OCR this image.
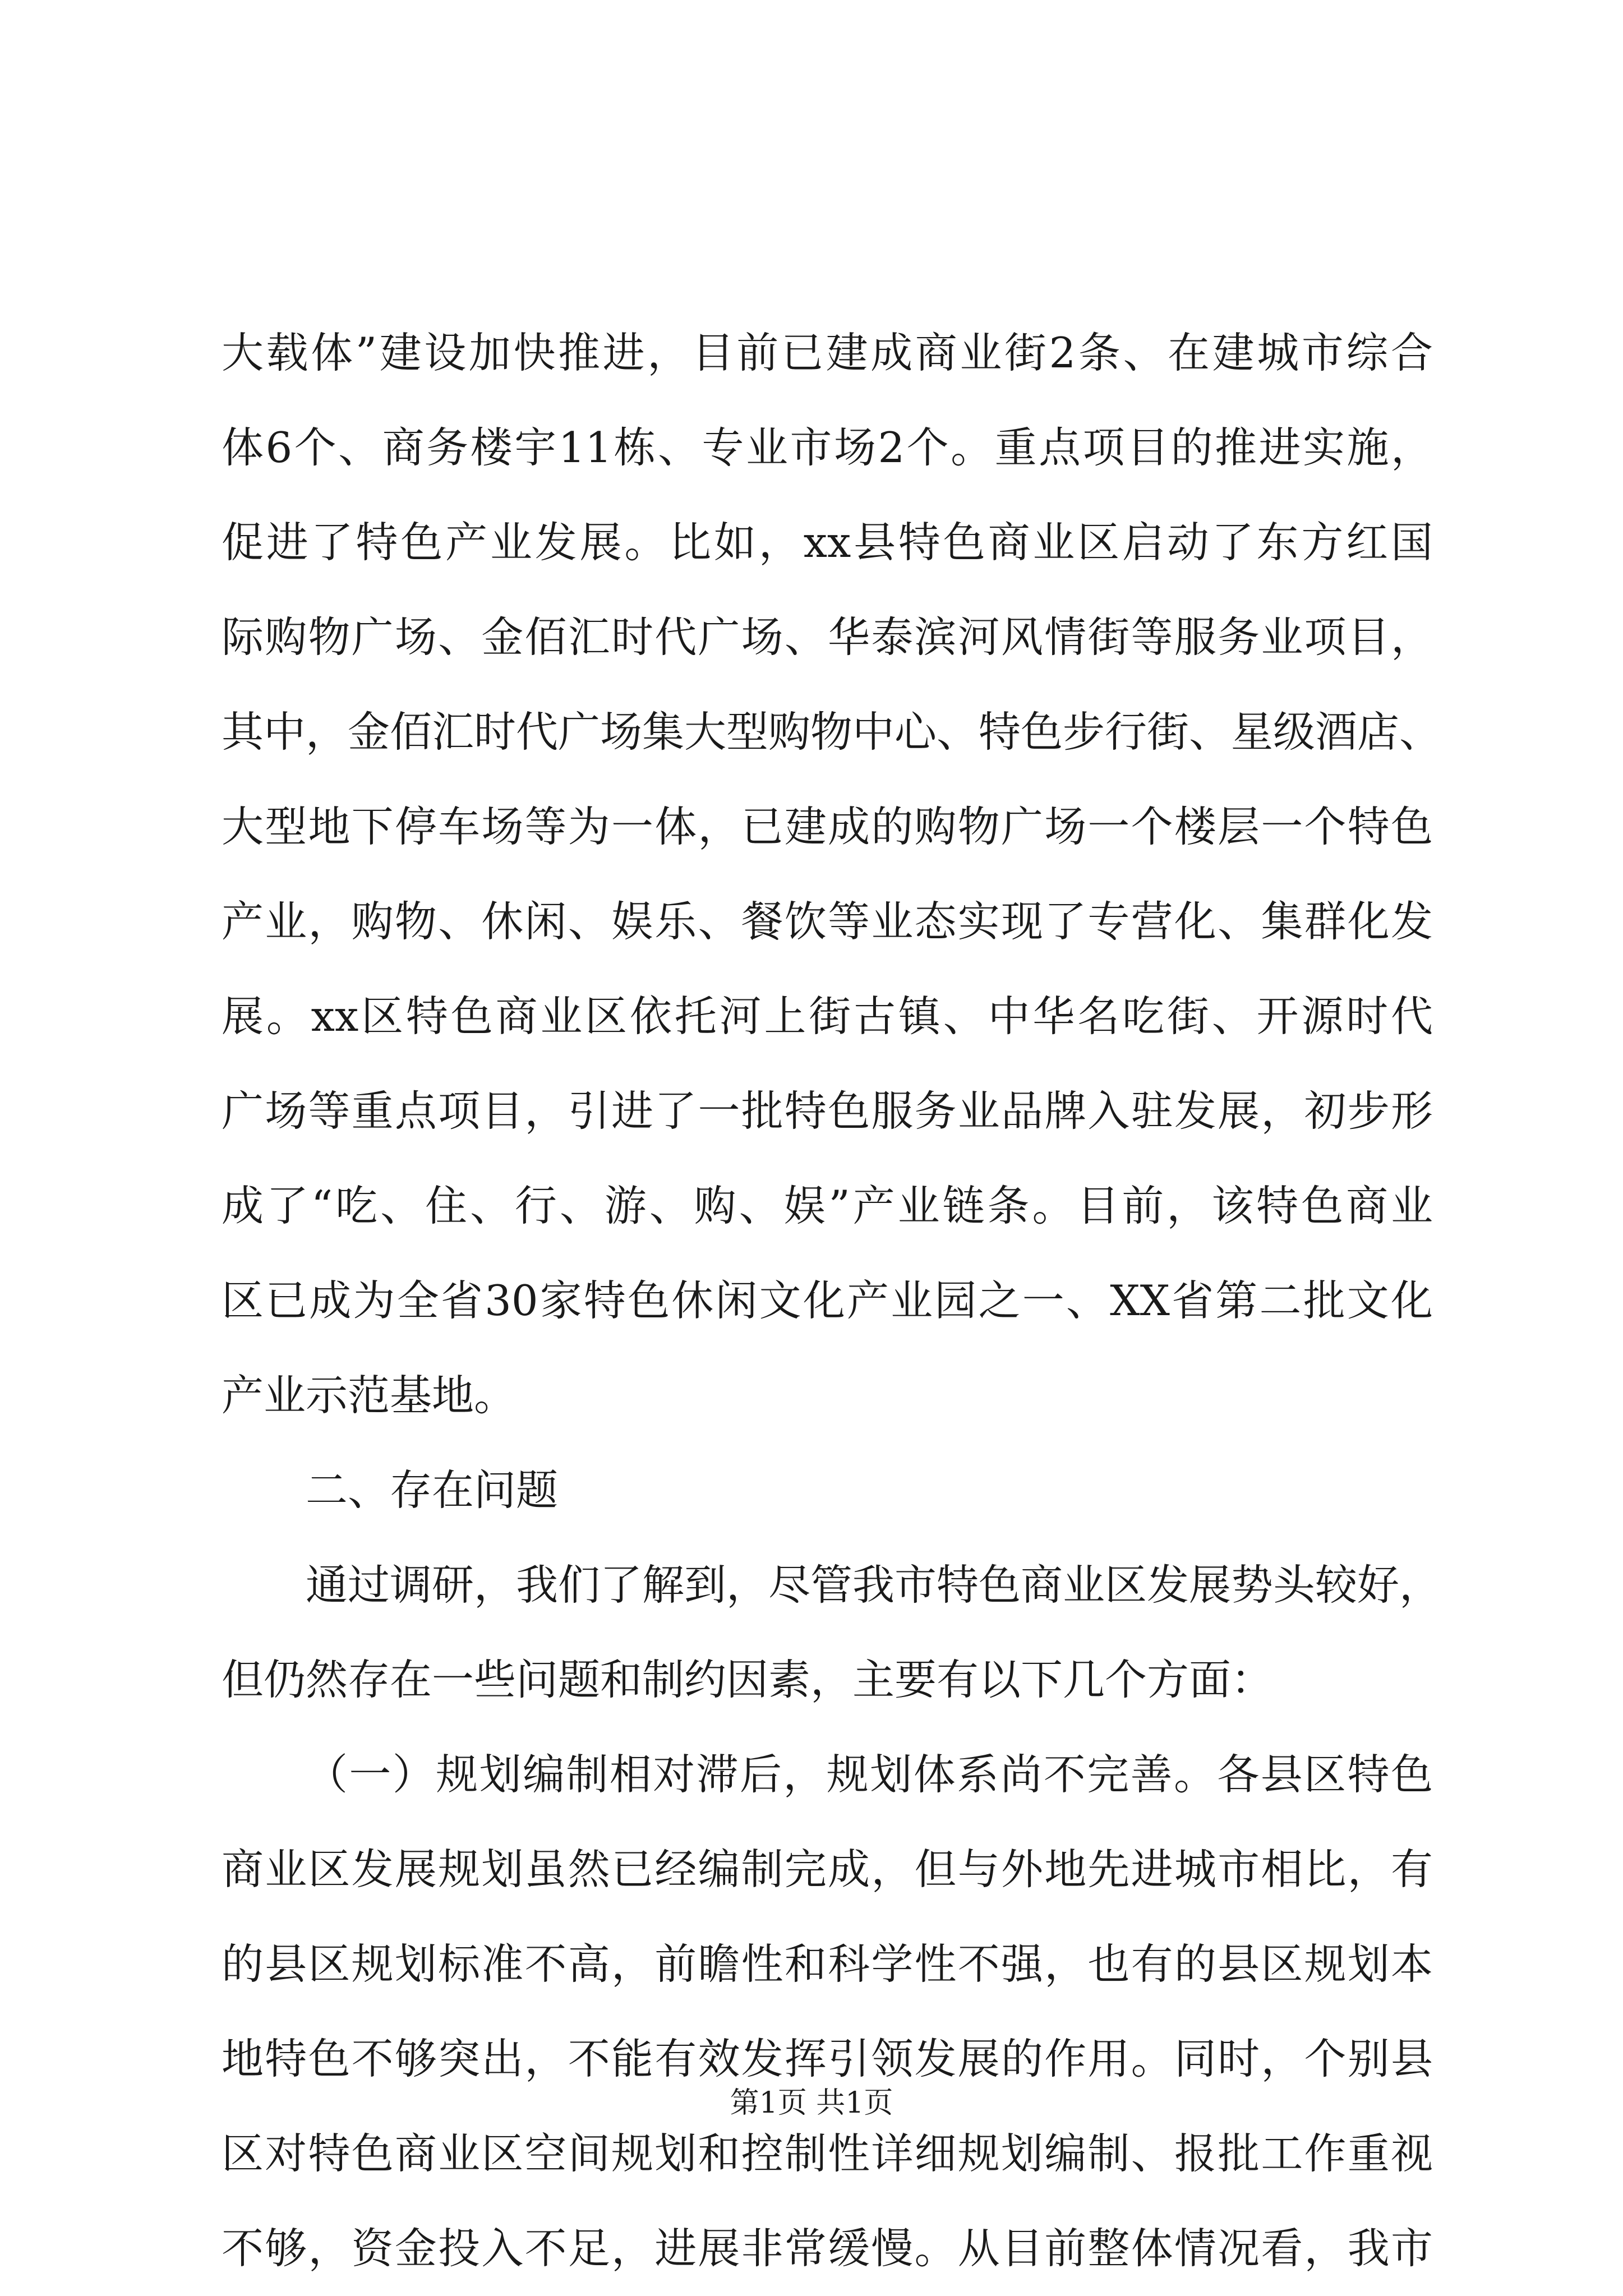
大载体”建设加快推进，目前已建成商业街2条、在建城市综合
体6个、商务楼宇11栋、专业市场2个。重点项目的推进实施，
促进了特色产业发展。比如，xx县特色商业区启动了东方红国
际购物广场、金佰汇时代广场、华泰滨河风情街等服务业项目，
其中，金佰汇时代广场集大型购物中心、特色步行街、星级酒店、
大型地下停车场等为一体，已建成的购物广场一个楼层一个特色
产业，购物、休闲、娱乐、餐饮等业态实现了专营化、集群化发
展。xx区特色商业区依托河上街古镇、中华名吃街、开源时代
广场等重点项目，引进了一批特色服务业品牌入驻发展，初步形
成了“吃、住、行、游、购、娱”产业链条。目前，该特色商业
区已成为全省30家特色休闲文化产业园之一、XX省第二批文化
产业示范基地。
二、存在问题
通过调研，我们了解到，尽管我市特色商业区发展势头较好，
但仍然存在一些问题和制约因素，主要有以下几个方面：
（一）规划编制相对滞后，规划体系尚不完善。各县区特色
商业区发展规划虽然已经编制完成，但与外地先进城市相比，有
的县区规划标准不高，前瞻性和科学性不强，也有的县区规划本
地特色不够突出，不能有效发挥引领发展的作用。同时，个别县
区对特色商业区空间规划和控制性详细规划编制、报批工作重视
不够，资金投入不足，进展非常缓慢。从目前整体情况看，我市
第1页 共1页
